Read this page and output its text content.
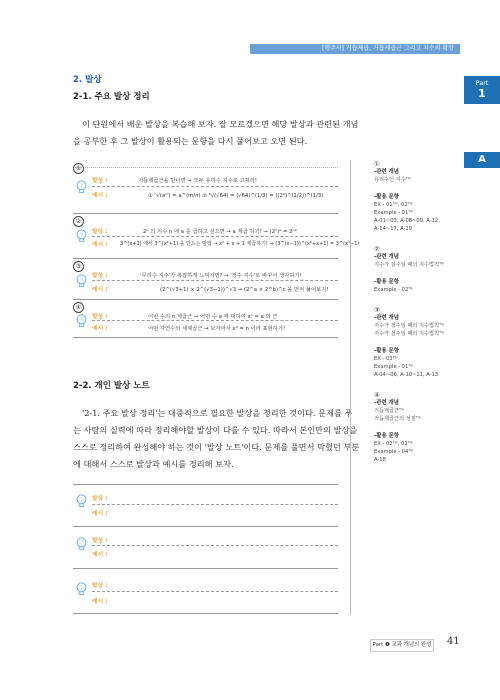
[행주사] 거듭제곱, 거듭제곱근 그리고 지수의 확장
Part
1
A
2. 발상
2-1. 주요 발상 정리
이 단원에서 배운 발상을 복습해 보자. 잘 모르겠으면 해당 발상과 관련된 개념
을 공부한 후 그 발상이 활용되는 문항을 다시 풀어보고 오면 된다.
①
?
발상 :	거듭제곱근을 만나면 → 모두 유리수 지수로 고쳐라!
예시 :	① ⁿ√(aᵐ) = a^(m/n) ② ³√(√64) = (√64)^(1/3) = ((2⁶)^(1/2))^(1/3)
②
?
발상 :	2ⁿ 의 지수 n 에 a 를 곱하고 싶으면 → a 제곱 하기! → (2ⁿ)ᵃ = 2ⁿᵃ
예시 : 3^(x+1) 에서 3^(x²+1) 을 만드는 방법 → x² + x + 1 제곱하기! → (3^(x−1))^(x²+x+1) = 3^(x³−1)
③
?
발상 :	'무리수 지수'가 복잡하게 느껴지면? → '정수 지수'로 바꾸어 생각하기!
예시 :	(2^(√3+1) × 2^(√3−1))^√3 → (2^a × 2^b)^c 을 먼저 풀어보기!
④
?
발상 :	어떤 수의 n 제곱근 → 어떤 수 a 에 대하여 xⁿ = a 의 근
예시 :	어떤 자연수의 세제곱근 → 보자마자 x³ = n 이라 표현하기!
2-2. 개인 발상 노트
'2-1. 주요 발상 정리'는 대중적으로 필요한 발상을 정리한 것이다. 문제를 푸
는 사람의 실력에 따라 정리해야할 발상이 다를 수 있다. 따라서 본인만의 발상을
스스로 정리하여 완성해야 하는 것이 '발상 노트'이다. 문제를 풀면서 막혔던 부분
에 대해서 스스로 발상과 예시를 정리해 보자.
? 발상 :
예시 :
? 발상 :
예시 :
? 발상 :
예시 :
①
-관련 개념
유리수인 지수ᵀⁱᵖ
-활용 문항
EX - 01ᵀⁱᵖ, 02ᵀⁱᵖ
Example - 01ᵀⁱᵖ
A-01~03, A-08~09, A-12,
A-14~17, A-19
②
-관련 개념
지수가 실수일 때의 지수법칙ᵀⁱᵖ
-활용 문항
Example - 02ᵀⁱᵖ
③
-관련 개념
지수가 정수일 때의 지수법칙ᵀⁱᵖ
지수가 실수일 때의 지수법칙ᵀⁱᵖ
-활용 문항
EX - 03ᵀⁱᵖ
Example - 01ᵀⁱᵖ
A-04~06, A-10~11, A-13
④
-관련 개념
거듭제곱근ᵀⁱᵖ
거듭제곱근의 성질ᵀⁱᵖ
-활용 문항
EX - 02ᵀⁱᵖ, 01ᵀⁱᵖ
Example - 04ᵀⁱᵖ
A-18
Part ❶ 교과 개념의 완성 41
